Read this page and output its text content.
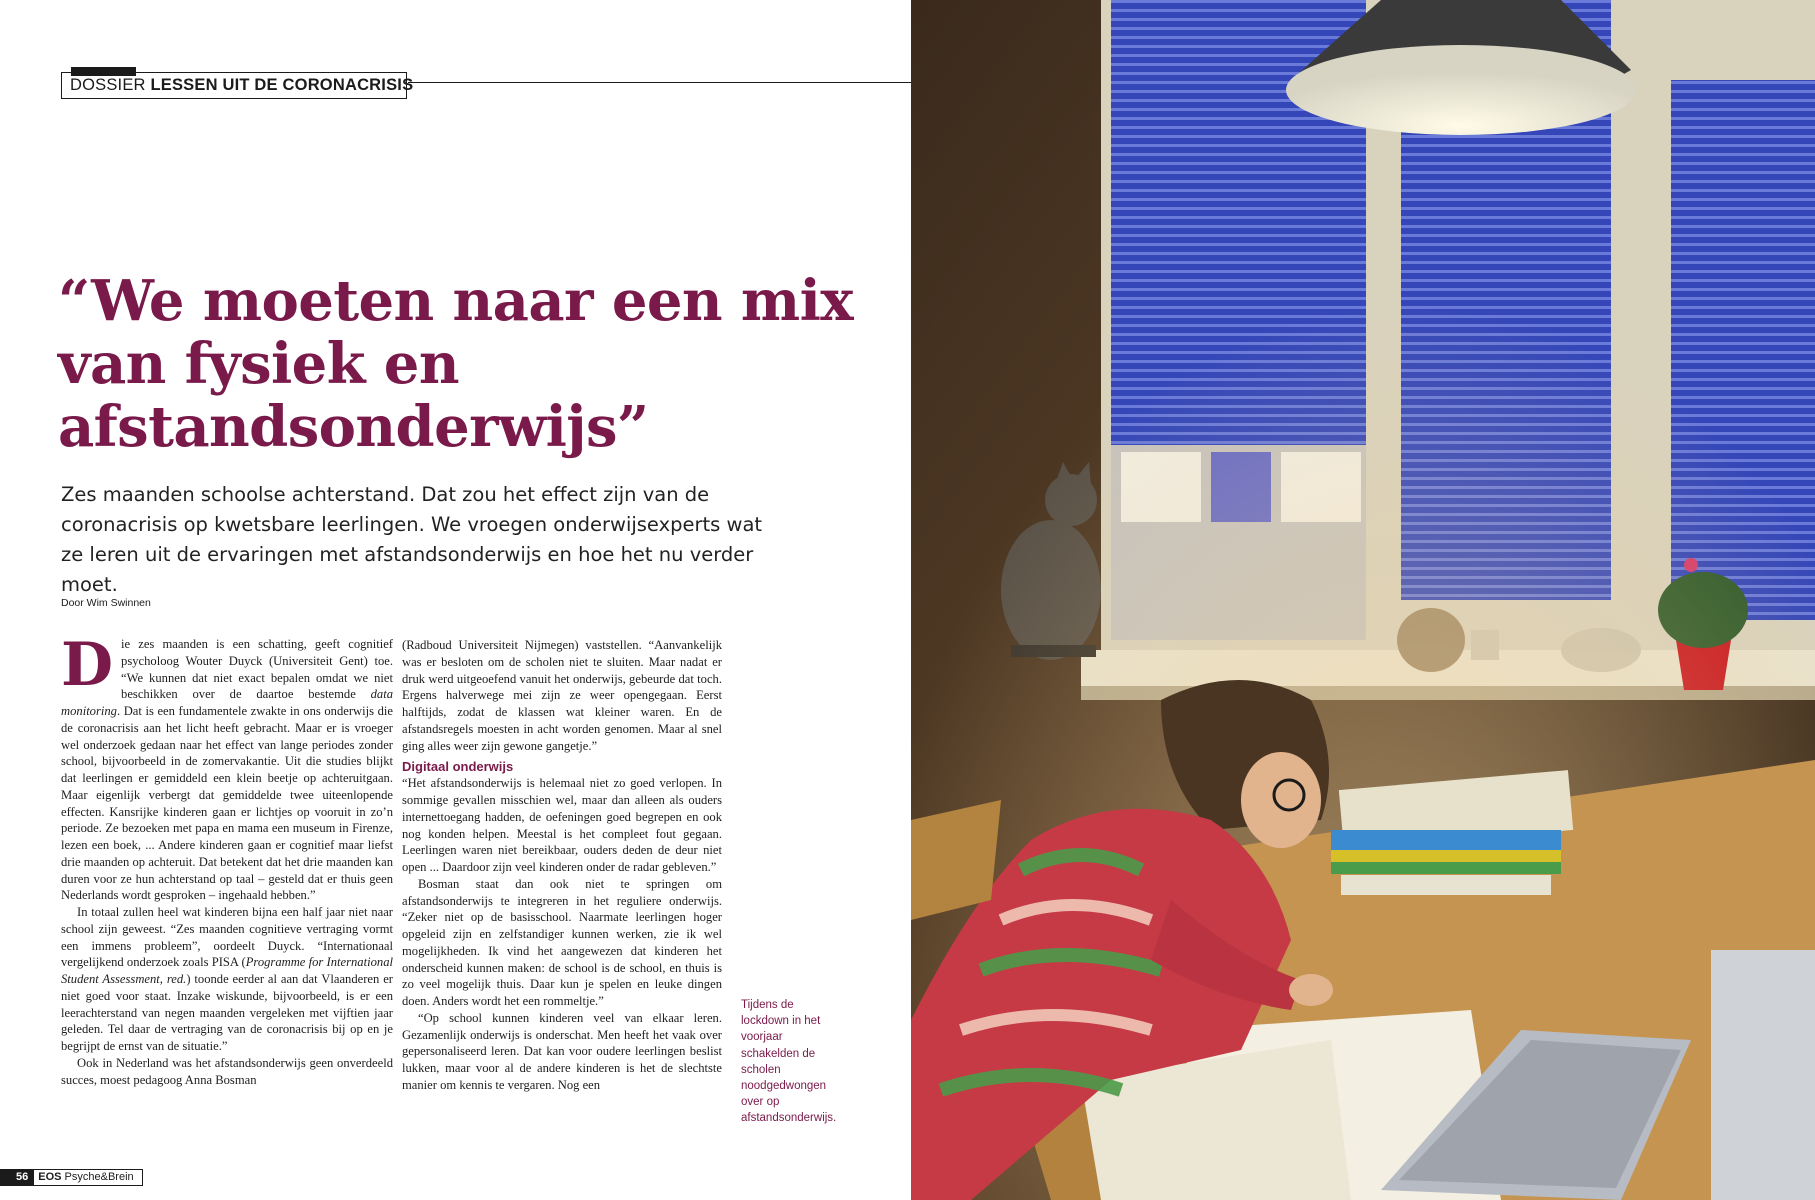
DOSSIER LESSEN UIT DE CORONACRISIS
“We moeten naar een mix van fysiek en afstandsonderwijs”

Zes maanden schoolse achterstand. Dat zou het effect zijn van de coronacrisis op kwetsbare leerlingen. We vroegen onderwijsexperts wat ze leren uit de ervaringen met afstandsonderwijs en hoe het nu verder moet.

Door Wim Swinnen

Die zes maanden is een schatting, geeft cognitief psycholoog Wouter Duyck (Universiteit Gent) toe. “We kunnen dat niet exact bepalen omdat we niet beschikken over de daartoe bestemde data monitoring. Dat is een fundamentele zwakte in ons onderwijs die de coronacrisis aan het licht heeft gebracht. Maar er is vroeger wel onderzoek gedaan naar het effect van lange periodes zonder school, bijvoorbeeld in de zomervakantie. Uit die studies blijkt dat leerlingen er gemiddeld een klein beetje op achteruitgaan. Maar eigenlijk verbergt dat gemiddelde twee uiteenlopende effecten. Kansrijke kinderen gaan er lichtjes op vooruit in zo’n periode. Ze bezoeken met papa en mama een museum in Firenze, lezen een boek, ... Andere kinderen gaan er cognitief maar liefst drie maanden op achteruit. Dat betekent dat het drie maanden kan duren voor ze hun achterstand op taal – gesteld dat er thuis geen Nederlands wordt gesproken – ingehaald hebben.”

In totaal zullen heel wat kinderen bijna een half jaar niet naar school zijn geweest. “Zes maanden cognitieve vertraging vormt een immens probleem”, oordeelt Duyck. “Internationaal vergelijkend onderzoek zoals PISA (Programme for International Student Assessment, red.) toonde eerder al aan dat Vlaanderen er niet goed voor staat. Inzake wiskunde, bijvoorbeeld, is er een leerachterstand van negen maanden vergeleken met vijftien jaar geleden. Tel daar de vertraging van de coronacrisis bij op en je begrijpt de ernst van de situatie.”

Ook in Nederland was het afstandsonderwijs geen onverdeeld succes, moest pedagoog Anna Bosman

(Radboud Universiteit Nijmegen) vaststellen. “Aanvankelijk was er besloten om de scholen niet te sluiten. Maar nadat er druk werd uitgeoefend vanuit het onderwijs, gebeurde dat toch. Ergens halverwege mei zijn ze weer opengegaan. Eerst halftijds, zodat de klassen wat kleiner waren. En de afstandsregels moesten in acht worden genomen. Maar al snel ging alles weer zijn gewone gangetje.”

Digitaal onderwijs

“Het afstandsonderwijs is helemaal niet zo goed verlopen. In sommige gevallen misschien wel, maar dan alleen als ouders internettoegang hadden, de oefeningen goed begrepen en ook nog konden helpen. Meestal is het compleet fout gegaan. Leerlingen waren niet bereikbaar, ouders deden de deur niet open ... Daardoor zijn veel kinderen onder de radar gebleven.”

Bosman staat dan ook niet te springen om afstandsonderwijs te integreren in het reguliere onderwijs. “Zeker niet op de basisschool. Naarmate leerlingen hoger opgeleid zijn en zelfstandiger kunnen werken, zie ik wel mogelijkheden. Ik vind het aangewezen dat kinderen het onderscheid kunnen maken: de school is de school, en thuis is zo veel mogelijk thuis. Daar kun je spelen en leuke dingen doen. Anders wordt het een rommeltje.”

“Op school kunnen kinderen veel van elkaar leren. Gezamenlijk onderwijs is onderschat. Men heeft het vaak over gepersonaliseerd leren. Dat kan voor oudere leerlingen beslist lukken, maar voor al de andere kinderen is het de slechtste manier om kennis te vergaren. Nog een

Tijdens de lockdown in het voorjaar schakelden de scholen noodgedwongen over op afstandsonderwijs.

56 EOS Psyche&Brein
